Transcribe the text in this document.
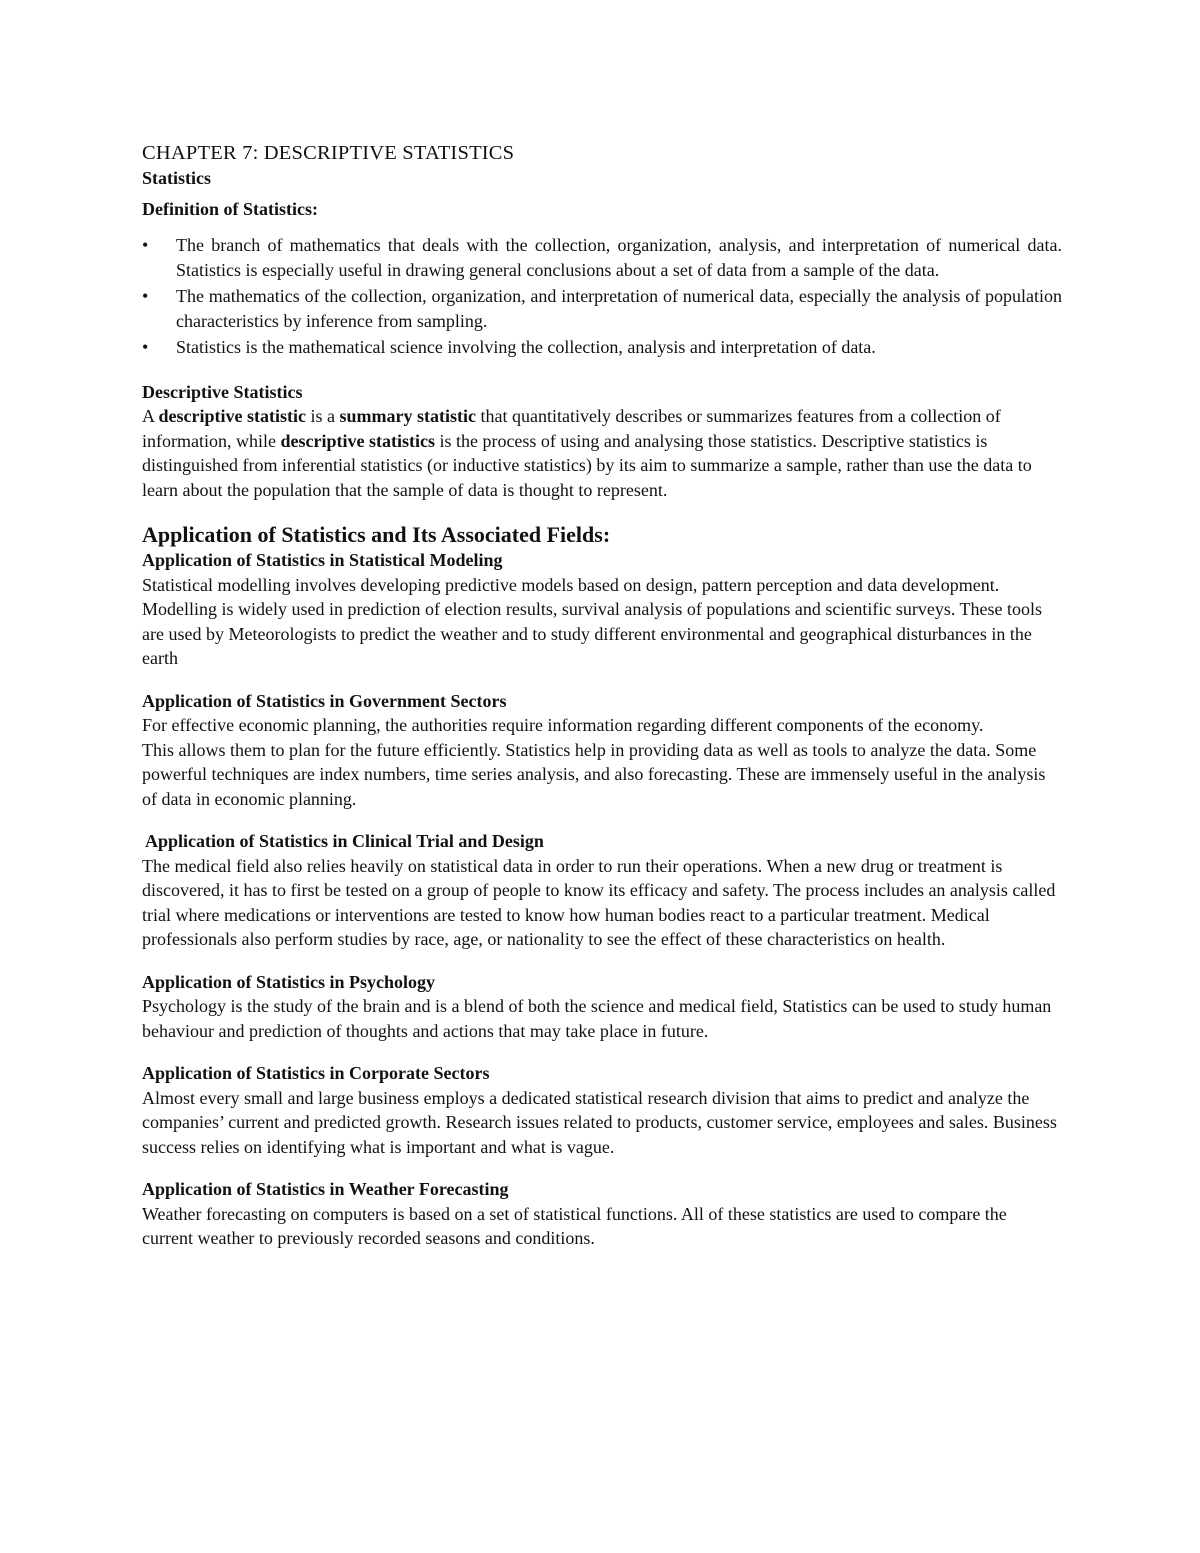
CHAPTER 7: DESCRIPTIVE STATISTICS

Statistics

Definition of Statistics:

• The branch of mathematics that deals with the collection, organization, analysis, and interpretation of numerical data. Statistics is especially useful in drawing general conclusions about a set of data from a sample of the data.
• The mathematics of the collection, organization, and interpretation of numerical data, especially the analysis of population characteristics by inference from sampling.
• Statistics is the mathematical science involving the collection, analysis and interpretation of data.

Descriptive Statistics

A descriptive statistic is a summary statistic that quantitatively describes or summarizes features from a collection of information, while descriptive statistics is the process of using and analysing those statistics. Descriptive statistics is distinguished from inferential statistics (or inductive statistics) by its aim to summarize a sample, rather than use the data to learn about the population that the sample of data is thought to represent.

Application of Statistics and Its Associated Fields:

Application of Statistics in Statistical Modeling

Statistical modelling involves developing predictive models based on design, pattern perception and data development. Modelling is widely used in prediction of election results, survival analysis of populations and scientific surveys. These tools are used by Meteorologists to predict the weather and to study different environmental and geographical disturbances in the earth

Application of Statistics in Government Sectors

For effective economic planning, the authorities require information regarding different components of the economy.

This allows them to plan for the future efficiently. Statistics help in providing data as well as tools to analyze the data. Some powerful techniques are index numbers, time series analysis, and also forecasting. These are immensely useful in the analysis of data in economic planning.

Application of Statistics in Clinical Trial and Design

The medical field also relies heavily on statistical data in order to run their operations. When a new drug or treatment is discovered, it has to first be tested on a group of people to know its efficacy and safety. The process includes an analysis called trial where medications or interventions are tested to know how human bodies react to a particular treatment. Medical professionals also perform studies by race, age, or nationality to see the effect of these characteristics on health.

Application of Statistics in Psychology

Psychology is the study of the brain and is a blend of both the science and medical field, Statistics can be used to study human behaviour and prediction of thoughts and actions that may take place in future.

Application of Statistics in Corporate Sectors

Almost every small and large business employs a dedicated statistical research division that aims to predict and analyze the companies’ current and predicted growth. Research issues related to products, customer service, employees and sales. Business success relies on identifying what is important and what is vague.

Application of Statistics in Weather Forecasting

Weather forecasting on computers is based on a set of statistical functions. All of these statistics are used to compare the current weather to previously recorded seasons and conditions.
